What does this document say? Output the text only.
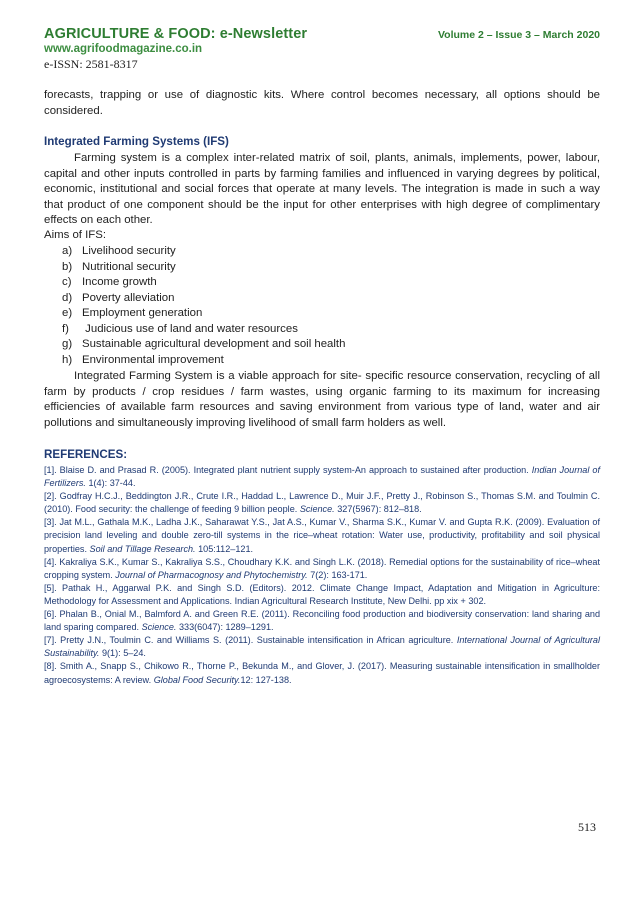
AGRICULTURE & FOOD: e-Newsletter	Volume 2 – Issue 3 – March 2020
www.agrifoodmagazine.co.in
e-ISSN: 2581-8317

forecasts, trapping or use of diagnostic kits. Where control becomes necessary, all options should be considered.

Integrated Farming Systems (IFS)

Farming system is a complex inter-related matrix of soil, plants, animals, implements, power, labour, capital and other inputs controlled in parts by farming families and influenced in varying degrees by political, economic, institutional and social forces that operate at many levels. The integration is made in such a way that product of one component should be the input for other enterprises with high degree of complimentary effects on each other.

Aims of IFS:
a) Livelihood security
b) Nutritional security
c) Income growth
d) Poverty alleviation
e) Employment generation
f)	Judicious use of land and water resources
g) Sustainable agricultural development and soil health
h) Environmental improvement

Integrated Farming System is a viable approach for site- specific resource conservation, recycling of all farm by products / crop residues / farm wastes, using organic farming to its maximum for increasing efficiencies of available farm resources and saving environment from various type of land, water and air pollutions and simultaneously improving livelihood of small farm holders as well.

REFERENCES:

[1]. Blaise D. and Prasad R. (2005). Integrated plant nutrient supply system-An approach to sustained after production. Indian Journal of Fertilizers. 1(4): 37-44.

[2]. Godfray H.C.J., Beddington J.R., Crute I.R., Haddad L., Lawrence D., Muir J.F., Pretty J., Robinson S., Thomas S.M. and Toulmin C. (2010). Food security: the challenge of feeding 9 billion people. Science. 327(5967): 812–818.

[3]. Jat M.L., Gathala M.K., Ladha J.K., Saharawat Y.S., Jat A.S., Kumar V., Sharma S.K., Kumar V. and Gupta R.K. (2009). Evaluation of precision land leveling and double zero-till systems in the rice–wheat rotation: Water use, productivity, profitability and soil physical properties. Soil and Tillage Research. 105:112–121.

[4]. Kakraliya S.K., Kumar S., Kakraliya S.S., Choudhary K.K. and Singh L.K. (2018). Remedial options for the sustainability of rice–wheat cropping system. Journal of Pharmacognosy and Phytochemistry. 7(2): 163-171.

[5]. Pathak H., Aggarwal P.K. and Singh S.D. (Editors). 2012. Climate Change Impact, Adaptation and Mitigation in Agriculture: Methodology for Assessment and Applications. Indian Agricultural Research Institute, New Delhi. pp xix + 302.

[6]. Phalan B., Onial M., Balmford A. and Green R.E. (2011). Reconciling food production and biodiversity conservation: land sharing and land sparing compared. Science. 333(6047): 1289–1291.

[7]. Pretty J.N., Toulmin C. and Williams S. (2011). Sustainable intensification in African agriculture. International Journal of Agricultural Sustainability. 9(1): 5–24.

[8]. Smith A., Snapp S., Chikowo R., Thorne P., Bekunda M., and Glover, J. (2017). Measuring sustainable intensification in smallholder agroecosystems: A review. Global Food Security.12: 127-138.

513
